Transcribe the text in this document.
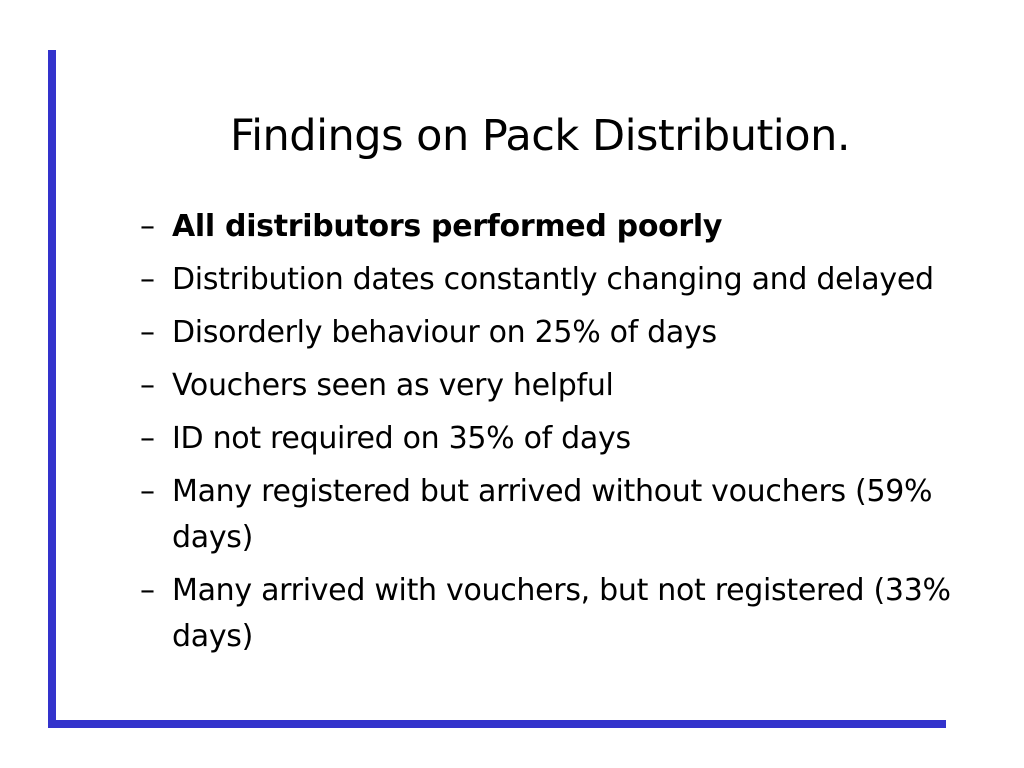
Findings on Pack Distribution.
– All distributors performed poorly
– Distribution dates constantly changing and delayed
– Disorderly behaviour on 25% of days
– Vouchers seen as very helpful
– ID not required on 35% of days
– Many registered but arrived without vouchers (59% days)
– Many arrived with vouchers, but not registered (33% days)
